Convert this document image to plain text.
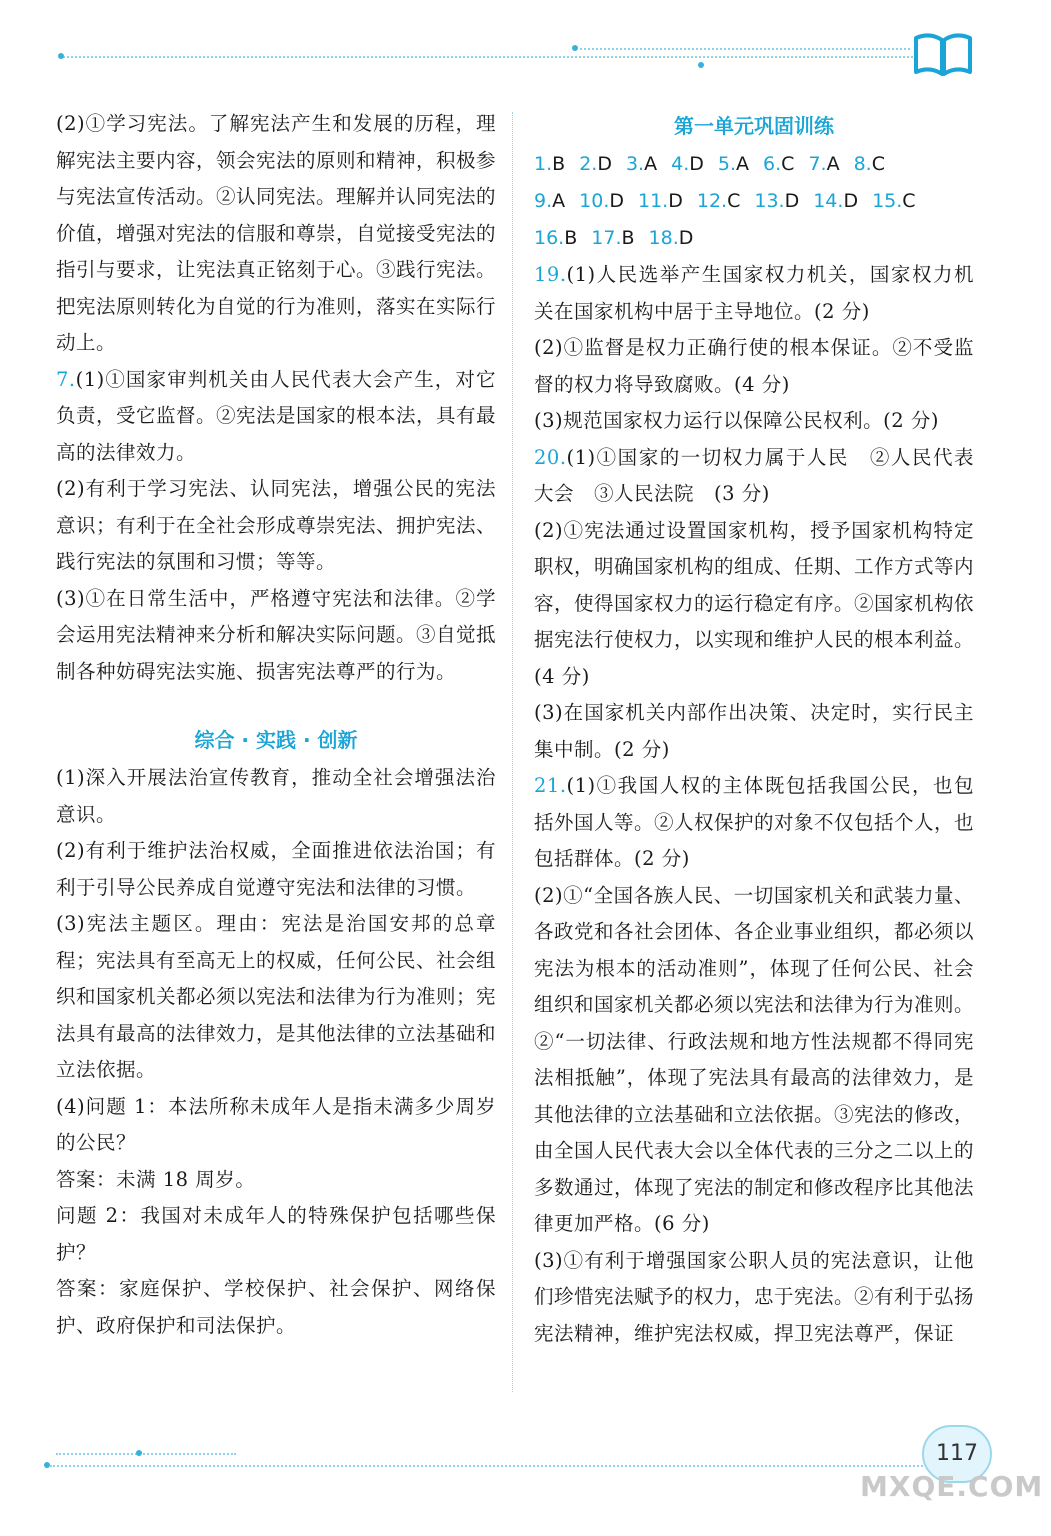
(2)①学习宪法。了解宪法产生和发展的历程，理解宪法主要内容，领会宪法的原则和精神，积极参与宪法宣传活动。②认同宪法。理解并认同宪法的价值，增强对宪法的信服和尊崇，自觉接受宪法的指引与要求，让宪法真正铭刻于心。③践行宪法。把宪法原则转化为自觉的行为准则，落实在实际行动上。

7.(1)①国家审判机关由人民代表大会产生，对它负责，受它监督。②宪法是国家的根本法，具有最高的法律效力。

(2)有利于学习宪法、认同宪法，增强公民的宪法意识；有利于在全社会形成尊崇宪法、拥护宪法、践行宪法的氛围和习惯；等等。

(3)①在日常生活中，严格遵守宪法和法律。②学会运用宪法精神来分析和解决实际问题。③自觉抵制各种妨碍宪法实施、损害宪法尊严的行为。

综合 · 实践 · 创新

(1)深入开展法治宣传教育，推动全社会增强法治意识。

(2)有利于维护法治权威，全面推进依法治国；有利于引导公民养成自觉遵守宪法和法律的习惯。

(3)宪法主题区。理由：宪法是治国安邦的总章程；宪法具有至高无上的权威，任何公民、社会组织和国家机关都必须以宪法和法律为行为准则；宪法具有最高的法律效力，是其他法律的立法基础和立法依据。

(4)问题 1：本法所称未成年人是指未满多少周岁的公民？

答案：未满 18 周岁。

问题 2：我国对未成年人的特殊保护包括哪些保护？

答案：家庭保护、学校保护、社会保护、网络保护、政府保护和司法保护。

第一单元巩固训练
1.B 2.D 3.A 4.D 5.A 6.C 7.A 8.C
9.A 10.D 11.D 12.C 13.D 14.D 15.C
16.B 17.B 18.D

19.(1)人民选举产生国家权力机关，国家权力机关在国家机构中居于主导地位。(2 分)

(2)①监督是权力正确行使的根本保证。②不受监督的权力将导致腐败。(4 分)

(3)规范国家权力运行以保障公民权利。(2 分)

20.(1)①国家的一切权力属于人民　②人民代表大会　③人民法院　(3 分)

(2)①宪法通过设置国家机构，授予国家机构特定职权，明确国家机构的组成、任期、工作方式等内容，使得国家权力的运行稳定有序。②国家机构依据宪法行使权力，以实现和维护人民的根本利益。(4 分)

(3)在国家机关内部作出决策、决定时，实行民主集中制。(2 分)

21.(1)①我国人权的主体既包括我国公民，也包括外国人等。②人权保护的对象不仅包括个人，也包括群体。(2 分)

(2)①“全国各族人民、一切国家机关和武装力量、各政党和各社会团体、各企业事业组织，都必须以宪法为根本的活动准则”，体现了任何公民、社会组织和国家机关都必须以宪法和法律为行为准则。②“一切法律、行政法规和地方性法规都不得同宪法相抵触”，体现了宪法具有最高的法律效力，是其他法律的立法基础和立法依据。③宪法的修改，由全国人民代表大会以全体代表的三分之二以上的多数通过，体现了宪法的制定和修改程序比其他法律更加严格。(6 分)

(3)①有利于增强国家公职人员的宪法意识，让他们珍惜宪法赋予的权力，忠于宪法。②有利于弘扬宪法精神，维护宪法权威，捍卫宪法尊严，保证

117
MXQE.COM
